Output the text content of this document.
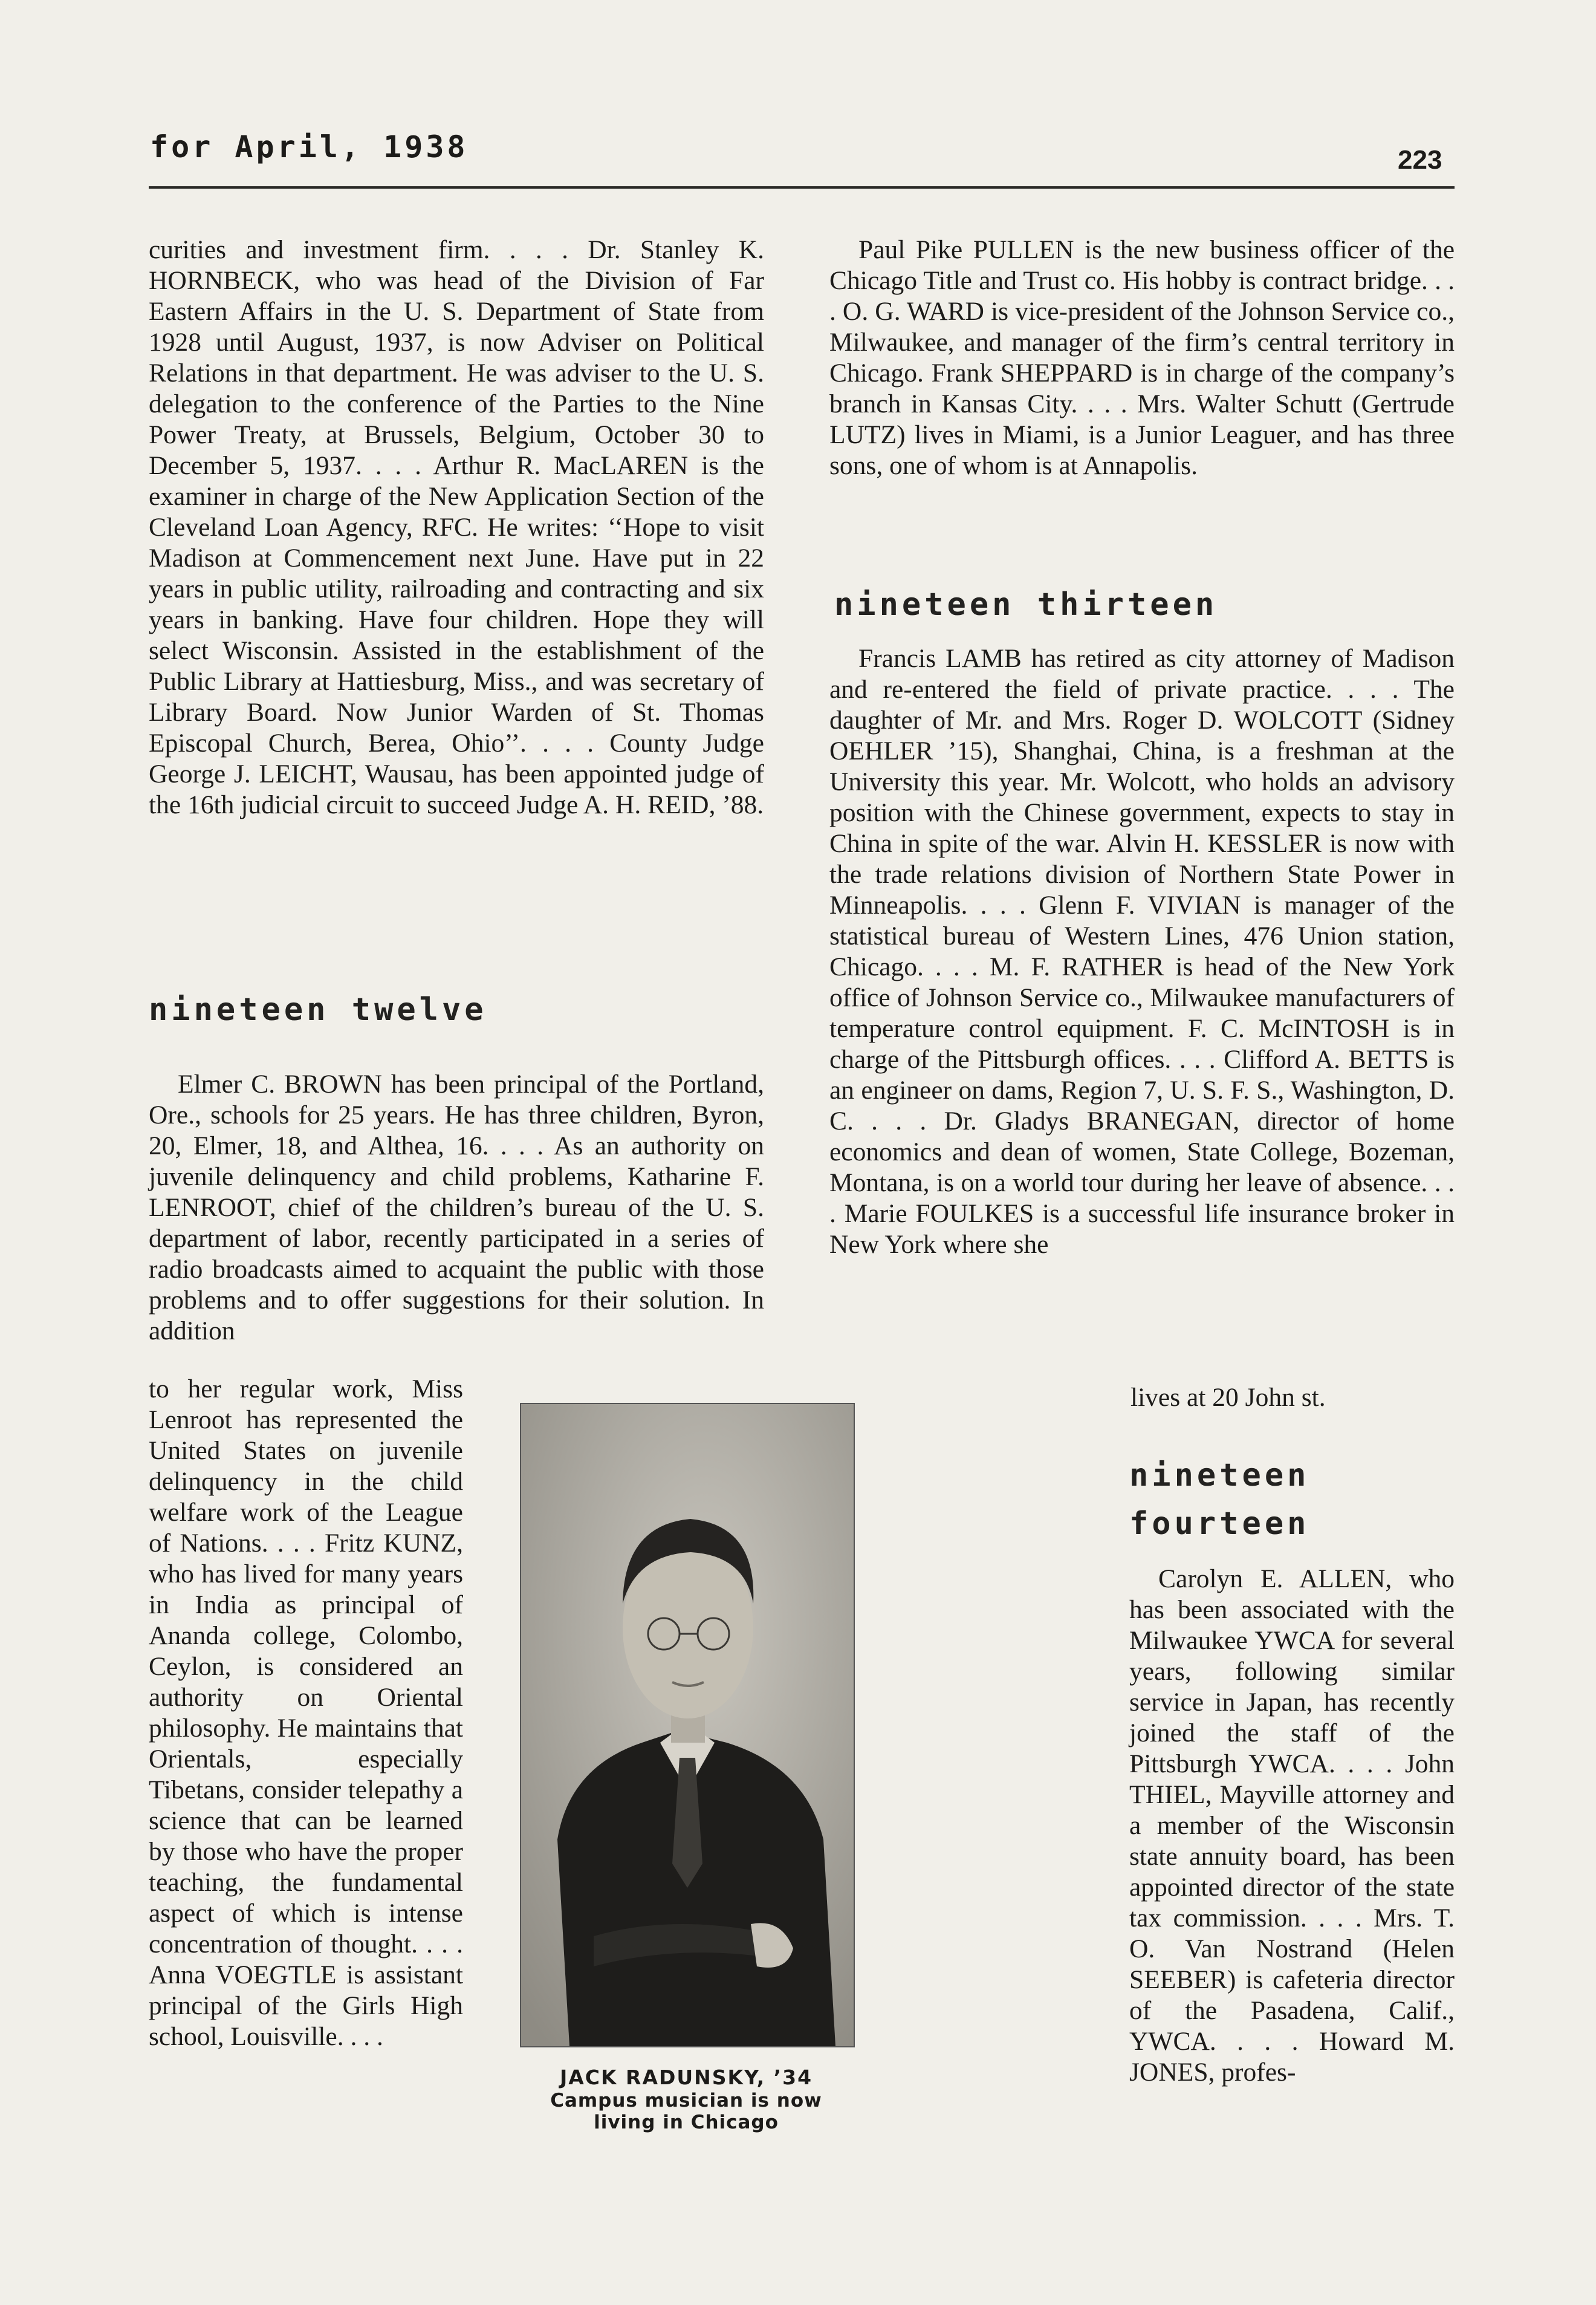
for April, 1938	223

curities and investment firm. . . . Dr. Stanley K. HORNBECK, who was head of the Division of Far Eastern Affairs in the U. S. Department of State from 1928 until August, 1937, is now Adviser on Political Relations in that department. He was adviser to the U. S. delegation to the conference of the Parties to the Nine Power Treaty, at Brussels, Belgium, October 30 to December 5, 1937. . . . Arthur R. MacLAREN is the examiner in charge of the New Application Section of the Cleveland Loan Agency, RFC. He writes: ‘‘Hope to visit Madison at Commencement next June. Have put in 22 years in public utility, railroading and contracting and six years in banking. Have four children. Hope they will select Wisconsin. Assisted in the establishment of the Public Library at Hattiesburg, Miss., and was secretary of Library Board. Now Junior Warden of St. Thomas Episcopal Church, Berea, Ohio’’. . . . County Judge George J. LEICHT, Wausau, has been appointed judge of the 16th judicial circuit to succeed Judge A. H. REID, ’88.

nineteen twelve

Elmer C. BROWN has been principal of the Portland, Ore., schools for 25 years. He has three children, Byron, 20, Elmer, 18, and Althea, 16. . . . As an authority on juvenile delinquency and child problems, Katharine F. LENROOT, chief of the children’s bureau of the U. S. department of labor, recently participated in a series of radio broadcasts aimed to acquaint the public with those problems and to offer suggestions for their solution. In addition

to her regular work, Miss Lenroot has represented the United States on juvenile delinquency in the child welfare work of the League of Nations. . . . Fritz KUNZ, who has lived for many years in India as principal of Ananda college, Colombo, Ceylon, is considered an authority on Oriental philosophy. He maintains that Orientals, especially Tibetans, consider telepathy a science that can be learned by those who have the proper teaching, the fundamental aspect of which is intense concentration of thought. . . . Anna VOEGTLE is assistant principal of the Girls High school, Louisville. . . .

JACK RADUNSKY, ’34
Campus musician is now living in Chicago

Paul Pike PULLEN is the new business officer of the Chicago Title and Trust co. His hobby is contract bridge. . . . O. G. WARD is vice-president of the Johnson Service co., Milwaukee, and manager of the firm’s central territory in Chicago. Frank SHEPPARD is in charge of the company’s branch in Kansas City. . . . Mrs. Walter Schutt (Gertrude LUTZ) lives in Miami, is a Junior Leaguer, and has three sons, one of whom is at Annapolis.

nineteen thirteen

Francis LAMB has retired as city attorney of Madison and re-entered the field of private practice. . . . The daughter of Mr. and Mrs. Roger D. WOLCOTT (Sidney OEHLER ’15), Shanghai, China, is a freshman at the University this year. Mr. Wolcott, who holds an advisory position with the Chinese government, expects to stay in China in spite of the war. Alvin H. KESSLER is now with the trade relations division of Northern State Power in Minneapolis. . . . Glenn F. VIVIAN is manager of the statistical bureau of Western Lines, 476 Union station, Chicago. . . . M. F. RATHER is head of the New York office of Johnson Service co., Milwaukee manufacturers of temperature control equipment. F. C. McINTOSH is in charge of the Pittsburgh offices. . . . Clifford A. BETTS is an engineer on dams, Region 7, U. S. F. S., Washington, D. C. . . . Dr. Gladys BRANEGAN, director of home economics and dean of women, State College, Bozeman, Montana, is on a world tour during her leave of absence. . . . Marie FOULKES is a successful life insurance broker in New York where she

lives at 20 John st.

nineteen
fourteen

Carolyn E. ALLEN, who has been associated with the Milwaukee YWCA for several years, following similar service in Japan, has recently joined the staff of the Pittsburgh YWCA. . . . John THIEL, Mayville attorney and a member of the Wisconsin state annuity board, has been appointed director of the state tax commission. . . . Mrs. T. O. Van Nostrand (Helen SEEBER) is cafeteria director of the Pasadena, Calif., YWCA. . . . Howard M. JONES, profes-
